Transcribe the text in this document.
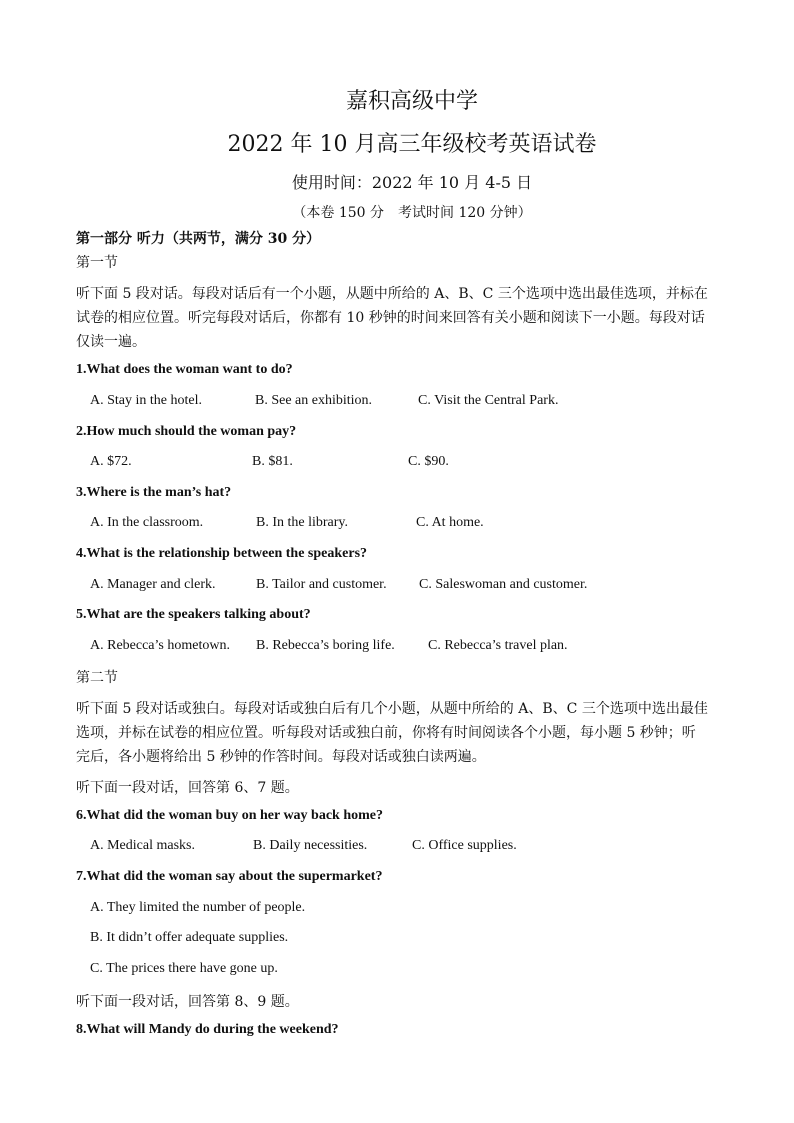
嘉积高级中学
2022 年 10 月高三年级校考英语试卷
使用时间：2022 年 10 月 4-5 日
（本卷 150 分　考试时间 120 分钟）
第一部分 听力（共两节，满分 30 分）
第一节
听下面 5 段对话。每段对话后有一个小题，从题中所给的 A、B、C 三个选项中选出最佳选项，并标在
试卷的相应位置。听完每段对话后，你都有 10 秒钟的时间来回答有关小题和阅读下一小题。每段对话
仅读一遍。
1.What does the woman want to do?
A. Stay in the hotel.	B. See an exhibition.	C. Visit the Central Park.
2.How much should the woman pay?
A. $72.	B. $81.	C. $90.
3.Where is the man’s hat?
A. In the classroom.	B. In the library.	C. At home.
4.What is the relationship between the speakers?
A. Manager and clerk.	B. Tailor and customer. C. Saleswoman and customer.
5.What are the speakers talking about?
A. Rebecca’s hometown. B. Rebecca’s boring life. C. Rebecca’s travel plan.
第二节
听下面 5 段对话或独白。每段对话或独白后有几个小题，从题中所给的 A、B、C 三个选项中选出最佳
选项，并标在试卷的相应位置。听每段对话或独白前，你将有时间阅读各个小题，每小题 5 秒钟；听
完后，各小题将给出 5 秒钟的作答时间。每段对话或独白读两遍。
听下面一段对话，回答第 6、7 题。
6.What did the woman buy on her way back home?
A. Medical masks.	B. Daily necessities.	C. Office supplies.
7.What did the woman say about the supermarket?
A. They limited the number of people.
B. It didn’t offer adequate supplies.
C. The prices there have gone up.
听下面一段对话，回答第 8、9 题。
8.What will Mandy do during the weekend?
